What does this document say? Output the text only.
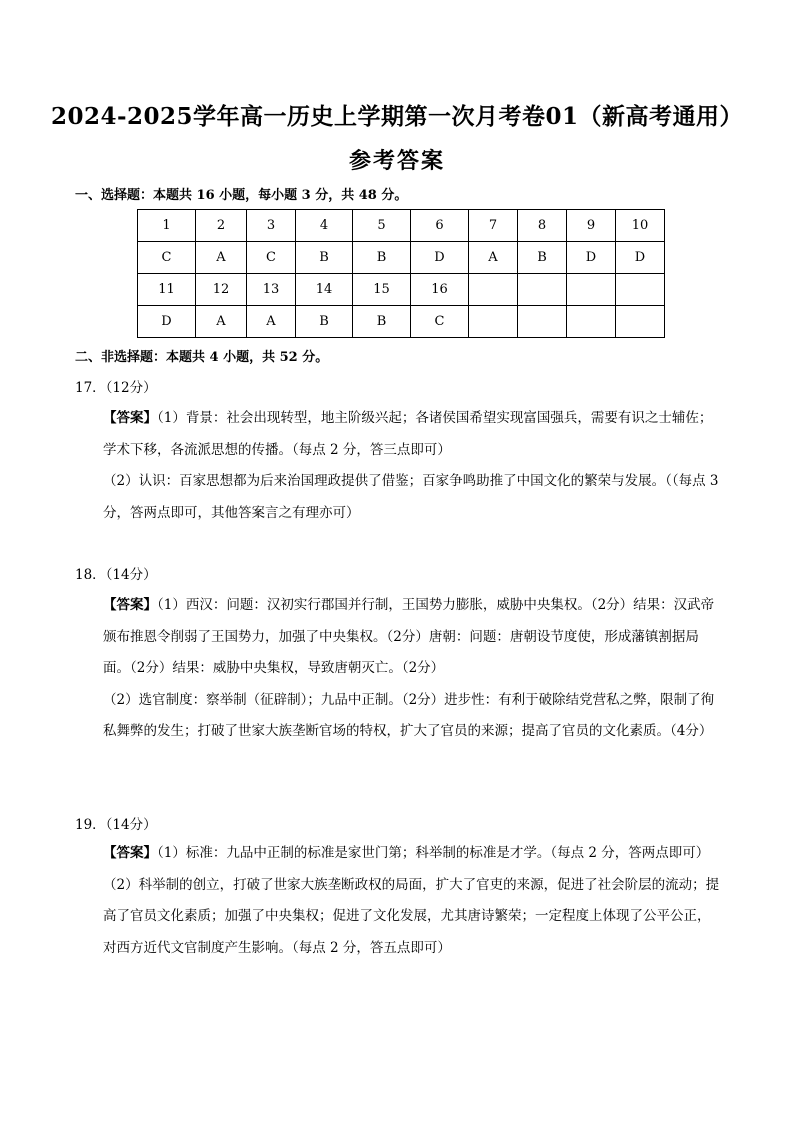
2024-2025学年高一历史上学期第一次月考卷01（新高考通用）
参考答案
一、选择题：本题共 16 小题，每小题 3 分，共 48 分。
1	2	3	4	5	6	7	8	9	10
C	A	C	B	B	D	A	B	D	D
11	12	13	14	15	16				
D	A	A	B	B	C				
二、非选择题：本题共 4 小题，共 52 分。
17．（12分）

【答案】（1）背景：社会出现转型，地主阶级兴起；各诸侯国希望实现富国强兵，需要有识之士辅佐；学术下移，各流派思想的传播。（每点 2 分，答三点即可）

（2）认识：百家思想都为后来治国理政提供了借鉴；百家争鸣助推了中国文化的繁荣与发展。（（每点 3 分，答两点即可，其他答案言之有理亦可）

18．（14分）

【答案】（1）西汉：问题：汉初实行郡国并行制，王国势力膨胀，威胁中央集权。（2分）结果：汉武帝颁布推恩令削弱了王国势力，加强了中央集权。（2分）唐朝：问题：唐朝设节度使，形成藩镇割据局面。（2分）结果：威胁中央集权，导致唐朝灭亡。（2分）

（2）选官制度：察举制（征辟制）；九品中正制。（2分）进步性：有利于破除结党营私之弊，限制了徇私舞弊的发生；打破了世家大族垄断官场的特权，扩大了官员的来源；提高了官员的文化素质。（4分）

19．（14分）

【答案】（1）标准：九品中正制的标准是家世门第；科举制的标准是才学。（每点 2 分，答两点即可）

（2）科举制的创立，打破了世家大族垄断政权的局面，扩大了官吏的来源，促进了社会阶层的流动；提高了官员文化素质；加强了中央集权；促进了文化发展，尤其唐诗繁荣；一定程度上体现了公平公正，对西方近代文官制度产生影响。（每点 2 分，答五点即可）
